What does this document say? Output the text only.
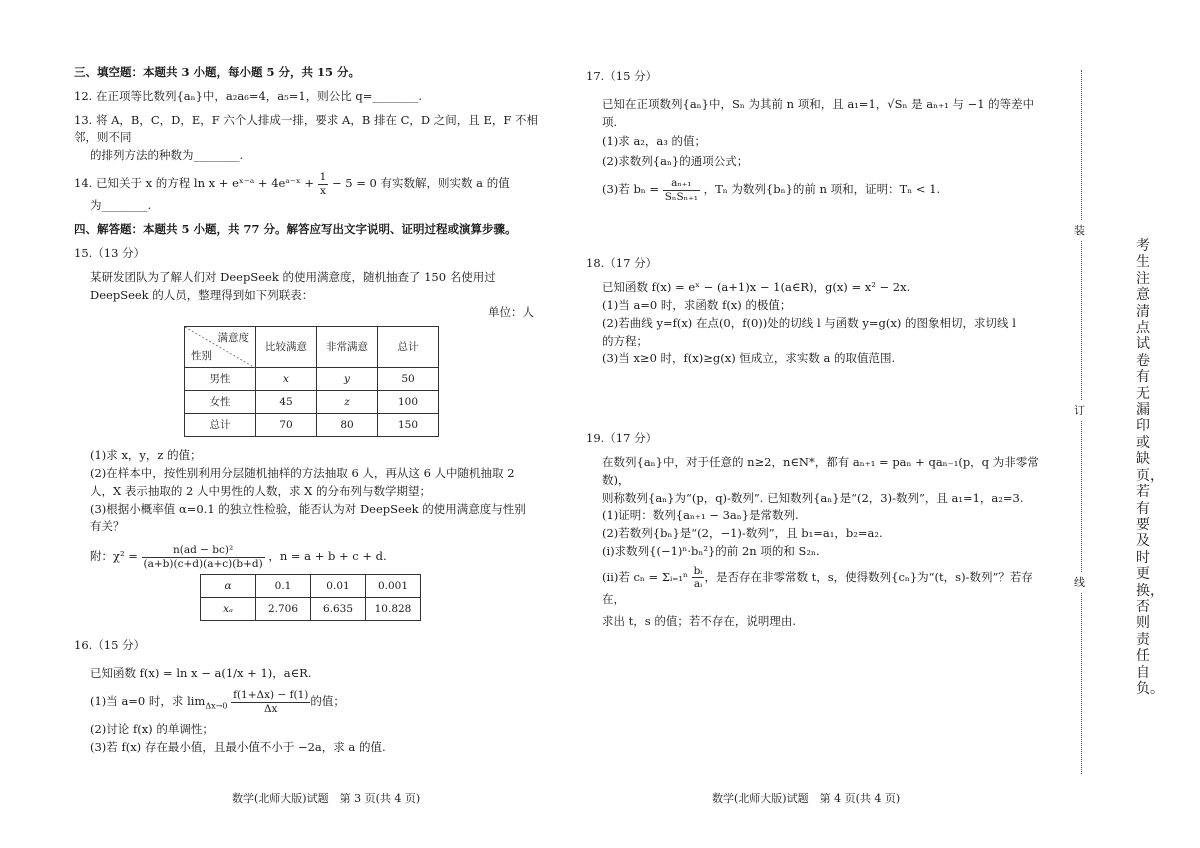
三、填空题：本题共 3 小题，每小题 5 分，共 15 分。

12. 在正项等比数列{aₙ}中，a₂a₆=4，a₅=1，则公比 q=________.

13. 将 A，B，C，D，E，F 六个人排成一排，要求 A，B 排在 C，D 之间，且 E，F 不相邻，则不同

的排列方法的种数为________.

14. 已知关于 x 的方程 ln x + eˣ⁻ᵃ + 4eᵃ⁻ˣ + $\frac{1}{x} - 5 = 0$ 有实数解，则实数 a 的值

为________.

四、解答题：本题共 5 小题，共 77 分。解答应写出文字说明、证明过程或演算步骤。

15.（13 分）

某研发团队为了解人们对 DeepSeek 的使用满意度，随机抽查了 150 名使用过

DeepSeek 的人员，整理得到如下列联表：

单位：人

满意度
性别	比较满意	非常满意	总计
男性	x	y	50
女性	45	z	100
总计	70	80	150

(1)求 x，y，z 的值；

(2)在样本中，按性别利用分层随机抽样的方法抽取 6 人，再从这 6 人中随机抽取 2

人，X 表示抽取的 2 人中男性的人数，求 X 的分布列与数学期望；

(3)根据小概率值 α=0.1 的独立性检验，能否认为对 DeepSeek 的使用满意度与性别

有关？

附：$\chi^2 = \frac{\text{n(ad − bc)²}}{(a+b)(c+d)(a+c)(b+d)}$ ，n = a + b + c + d.

α	0.1	0.01	0.001
xₐ	2.706	6.635	10.828

16.（15 分）

已知函数 f(x) = ln x − a(1/x + 1)，a∈R.

(1)当 a=0 时，求 $\lim_{\Delta x\to 0} \frac{f(1+\Delta x) - f(1)}{\Delta x}$ 的值；

(2)讨论 f(x) 的单调性；

(3)若 f(x) 存在最小值，且最小值不小于 −2a，求 a 的值.

17.（15 分）

已知在正项数列{aₙ}中，Sₙ 为其前 n 项和，且 a₁=1，√Sₙ 是 aₙ₊₁ 与 −1 的等差中项.

(1)求 a₂，a₃ 的值；

(2)求数列{aₙ}的通项公式；

(3)若 $b_n = \frac{\text{aₙ₊₁}}{\text{SₙSₙ₊₁}}$ ，Tₙ 为数列{bₙ}的前 n 项和，证明：Tₙ < 1.

18.（17 分）

已知函数 f(x) = eˣ − (a+1)x − 1(a∈R)，g(x) = x² − 2x.

(1)当 a=0 时，求函数 f(x) 的极值；

(2)若曲线 y=f(x) 在点(0，f(0))处的切线 l 与函数 y=g(x) 的图象相切，求切线 l

的方程；

(3)当 x≥0 时，f(x)≥g(x) 恒成立，求实数 a 的取值范围.

19.（17 分）

在数列{aₙ}中，对于任意的 n≥2，n∈N*，都有 aₙ₊₁ = paₙ + qaₙ₋₁(p，q 为非零常数)，

则称数列{aₙ}为“(p，q)-数列”. 已知数列{aₙ}是“(2，3)-数列”，且 a₁=1，a₂=3.

(1)证明：数列{aₙ₊₁ − 3aₙ}是常数列.

(2)若数列{bₙ}是“(2，−1)-数列”，且 b₁=a₁，b₂=a₂.

(ⅰ)求数列{(−1)ⁿ·bₙ²}的前 2n 项的和 S₂ₙ.

(ⅱ)若 cₙ = Σᵢ₌₁ⁿ $\frac{\text{bᵢ}}{\text{aᵢ}}$ ，是否存在非零常数 t，s，使得数列{cₙ}为“(t，s)-数列”？若存在，

求出 t，s 的值；若不存在，说明理由.

数学(北师大版)试题　第 3 页(共 4 页)	数学(北师大版)试题　第 4 页(共 4 页)
装
订
线
考生注意清点试卷有无漏印或缺页，若有要及时更换，否则责任自负。
